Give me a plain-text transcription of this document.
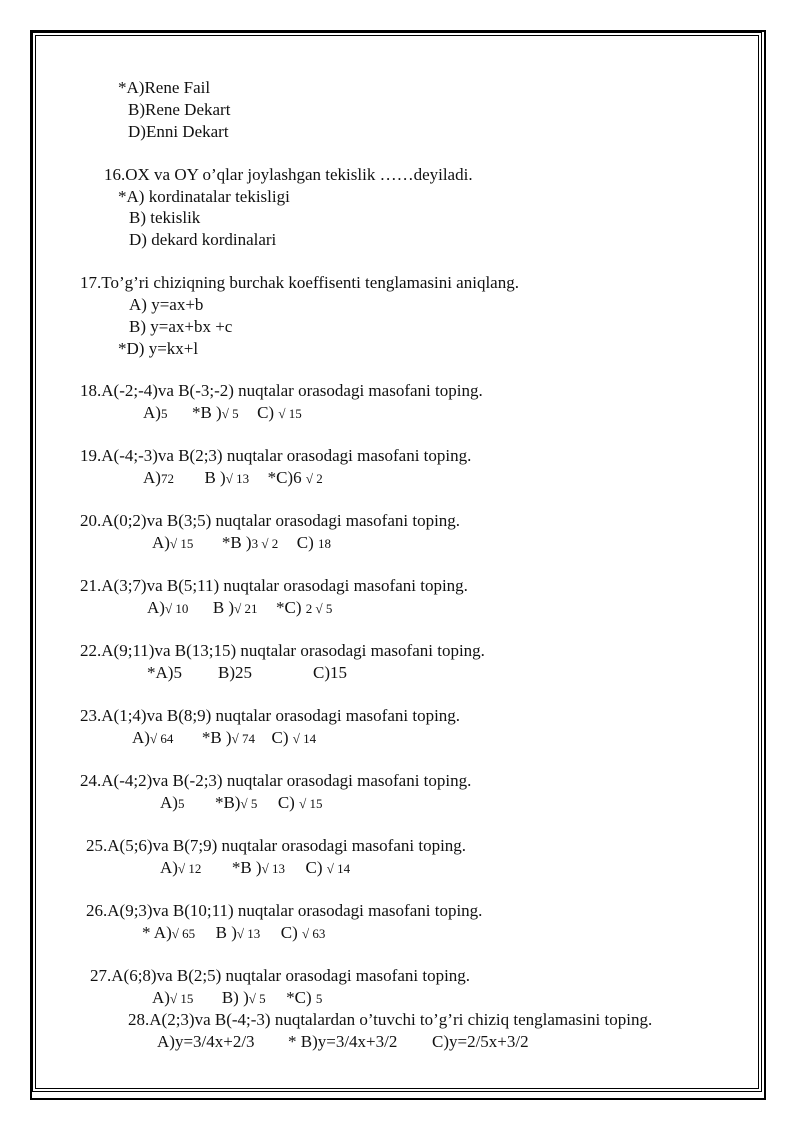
*A)Rene Fail
B)Rene Dekart
D)Enni Dekart
16.OX va OY o’qlar joylashgan tekislik ……deyiladi.
*A) kordinatalar tekisligi
B) tekislik
D) dekard kordinalari
17.To’g’ri chiziqning burchak koeffisenti tenglamasini aniqlang.
A) y=ax+b
B) y=ax+bx +c
*D) y=kx+l
18.A(-2;-4)va B(-3;-2) nuqtalar orasodagi masofani toping.
A)5 *B )√ 5 C) √ 15
19.A(-4;-3)va B(2;3) nuqtalar orasodagi masofani toping.
A)72 B )√ 13 *C)6 √ 2
20.A(0;2)va B(3;5) nuqtalar orasodagi masofani toping.
A)√ 15 *B )3 √ 2 C) 18
21.A(3;7)va B(5;11) nuqtalar orasodagi masofani toping.
A)√ 10 B )√ 21 *C) 2 √ 5
22.A(9;11)va B(13;15) nuqtalar orasodagi masofani toping.
*A)5 B)25	C)15
23.A(1;4)va B(8;9) nuqtalar orasodagi masofani toping.
A)√ 64 *B )√ 74 C) √ 14
24.A(-4;2)va B(-2;3) nuqtalar orasodagi masofani toping.
A)5 *B)√ 5 C) √ 15
25.A(5;6)va B(7;9) nuqtalar orasodagi masofani toping.
A)√ 12 *B )√ 13 C) √ 14
26.A(9;3)va B(10;11) nuqtalar orasodagi masofani toping.
* A)√ 65 B )√ 13 C) √ 63
27.A(6;8)va B(2;5) nuqtalar orasodagi masofani toping.
A)√ 15 B) )√ 5 *C) 5
28.A(2;3)va B(-4;-3) nuqtalardan o’tuvchi to’g’ri chiziq tenglamasini toping.
A)y=3/4x+2/3 * B)y=3/4x+3/2 C)y=2/5x+3/2
